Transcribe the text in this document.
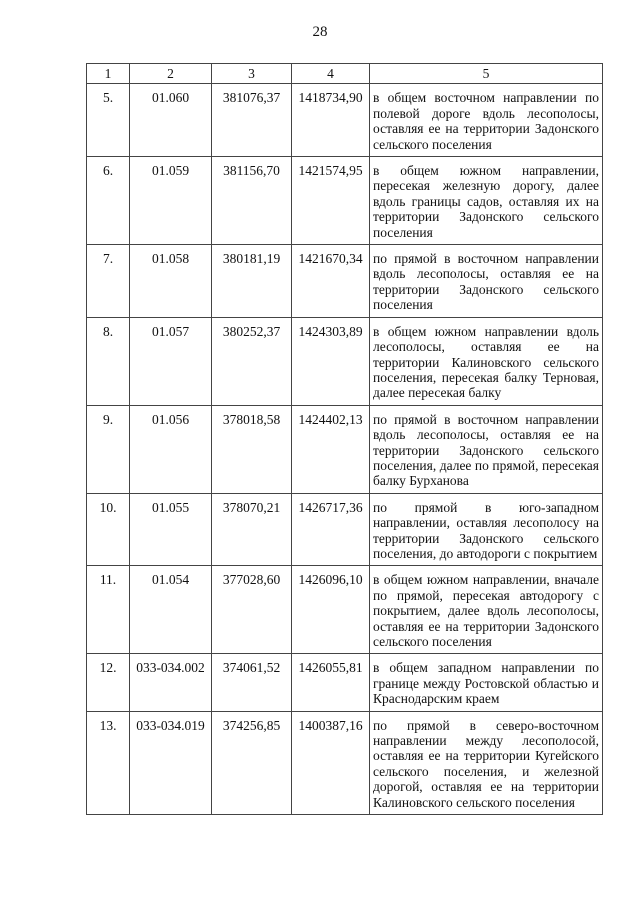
28
1	2	3	4	5
5.	01.060	381076,37	1418734,90	в общем восточном направлении по полевой дороге вдоль лесополосы, оставляя ее на территории Задонского сельского поселения
6.	01.059	381156,70	1421574,95	в общем южном направлении, пересекая железную дорогу, далее вдоль границы садов, оставляя их на территории Задонского сельского поселения
7.	01.058	380181,19	1421670,34	по прямой в восточном направлении вдоль лесополосы, оставляя ее на территории Задонского сельского поселения
8.	01.057	380252,37	1424303,89	в общем южном направлении вдоль лесополосы, оставляя ее на территории Калиновского сельского поселения, пересекая балку Терновая, далее пересекая балку
9.	01.056	378018,58	1424402,13	по прямой в восточном направлении вдоль лесополосы, оставляя ее на территории Задонского сельского поселения, далее по прямой, пересекая балку Бурханова
10.	01.055	378070,21	1426717,36	по прямой в юго-западном направлении, оставляя лесополосу на территории Задонского сельского поселения, до автодороги с покрытием
11.	01.054	377028,60	1426096,10	в общем южном направлении, вначале по прямой, пересекая автодорогу с покрытием, далее вдоль лесополосы, оставляя ее на территории Задонского сельского поселения
12.	033-034.002	374061,52	1426055,81	в общем западном направлении по границе между Ростовской областью и Краснодарским краем
13.	033-034.019	374256,85	1400387,16	по прямой в северо-восточном направлении между лесополосой, оставляя ее на территории Кугейского сельского поселения, и железной дорогой, оставляя ее на территории Калиновского сельского поселения
